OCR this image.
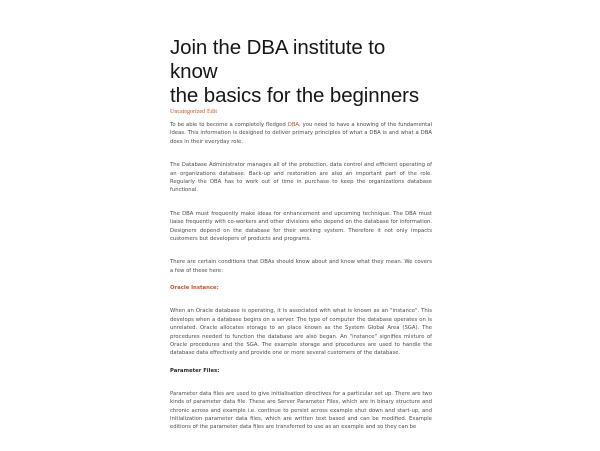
Join the DBA institute to know
the basics for the beginners
Uncategorized Edit

To be able to become a completely fledged DBA, you need to have a knowing of the fundamental ideas. This information is designed to deliver primary principles of what a DBA is and what a DBA does in their everyday role.

The Database Administrator manages all of the protection, data control and efficient operating of an organizations database. Back-up and restoration are also an important part of the role. Regularly the DBA has to work out of time in purchase to keep the organizations database functional.

The DBA must frequently make ideas for enhancement and upcoming technique. The DBA must liaise frequently with co-workers and other divisions who depend on the database for information. Designers depend on the database for their working system. Therefore it not only impacts customers but developers of products and programs.

There are certain conditions that DBAs should know about and know what they mean. We covers a few of these here:

Oracle Instance:

When an Oracle database is operating, it is associated with what is known as an "instance". This develops when a database begins on a server. The type of computer the database operates on is unrelated. Oracle allocates storage to an place known as the System Global Area (SGA). The procedures needed to function the database are also began. An "instance" signifies mixture of Oracle procedures and the SGA. The example storage and procedures are used to handle the database data effectively and provide one or more several customers of the database.

Parameter Files:

Parameter data files are used to give initialisation directives for a particular set up. There are two kinds of parameter data file. These are Server Parameter Files, which are in binary structure and chronic across and example i.e. continue to persist across example shut down and start-up, and Initialization parameter data files, which are written text based and can be modified. Example editions of the parameter data files are transferred to use as an example and so they can be
